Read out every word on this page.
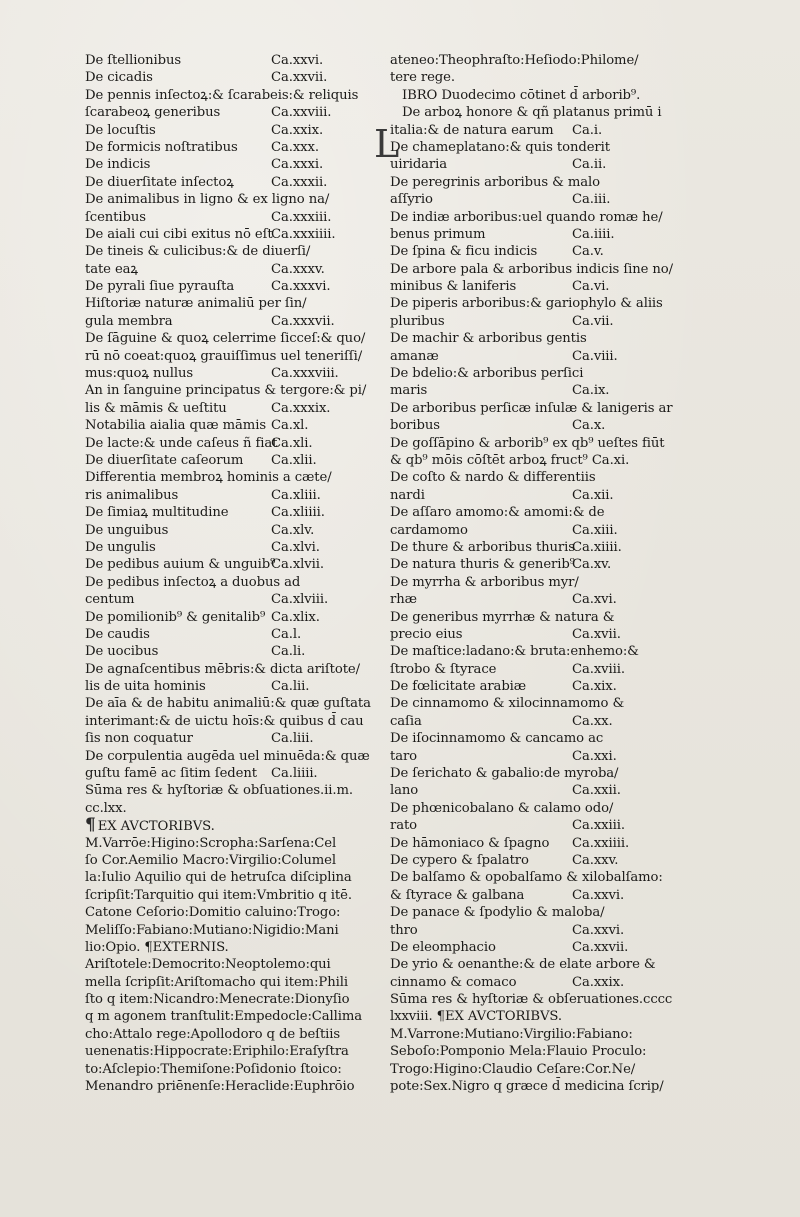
De ſtellionibus	Ca.xxvi.
De cicadis	Ca.xxvii.
De pennis inſectoꝝ:& ſcarabeis:& reliquis
ſcarabeoꝝ generibus	Ca.xxviii.
De locuſtis	Ca.xxix.
De formicis noſtratibus	Ca.xxx.
De indicis	Ca.xxxi.
De diuerſitate inſectoꝝ	Ca.xxxii.
De animalibus in ligno & ex ligno na/
ſcentibus	Ca.xxxiii.
De aiali cui cibi exitus nō eſt
Ca.xxxiiii.
De tineis & culicibus:& de diuerſi/
tate eaꝝ	Ca.xxxv.
De pyrali ſiue pyrauſta	Ca.xxxvi.
Hiſtoriæ naturæ animaliū per ſin/
gula membra	Ca.xxxvii.
De ſāguine & quoꝝ celerrime ſicceſ:& quo/
rū nō coeat:quoꝝ grauiſſimus uel teneriſſi/
mus:quoꝝ nullus	Ca.xxxviii.
An in ſanguine principatus & tergore:& pi/
lis & māmis & ueſtitu	Ca.xxxix.
Notabilia aialia quæ māmis Ca.xl.
De lacte:& unde caſeus ñ fiat
Ca.xli.
De diuerſitate caſeorum Ca.xlii.
Differentia membroꝝ hominis a cæte/
ris animalibus	Ca.xliii.
De ſimiaꝝ multitudine	Ca.xliiii.
De unguibus	Ca.xlv.
De ungulis	Ca.xlvi.
De pedibus auium & unguib⁹
Ca.xlvii.
De pedibus inſectoꝝ a duobus ad
centum	Ca.xlviii.
De pomilionib⁹ & genitalib⁹ Ca.xlix.
De caudis	Ca.l.
De uocibus	Ca.li.
De agnaſcentibus mēbris:& dicta ariſtote/
lis de uita hominis	Ca.lii.
De aīa & de habitu animaliū:& quæ guſtata
interimant:& de uictu hoīs:& quibus d̄ cau
ſis non coquatur	Ca.liii.
De corpulentia augēda uel minuēda:& quæ
guſtu famē ac ſitim ſedent Ca.liiii.
Sūma res & hyſtoriæ & obſuationes.ii.m.
cc.lxx.
¶ EX AVCTORIBVS.
M.Varrōe:Higino:Scropha:Sarſena:Cel
ſo Cor.Aemilio Macro:Virgilio:Columel
la:Iulio Aquilio qui de hetruſca diſciplina
ſcripſit:Tarquitio qui item:Vmbritio q itē.
Catone Ceſorio:Domitio caluino:Trogo:
Meliſſo:Fabiano:Mutiano:Nigidio:Mani
lio:Opio. ¶EXTERNIS.
Ariſtotele:Democrito:Neoptolemo:qui
mella ſcripſit:Ariſtomacho qui item:Phili
ſto q item:Nicandro:Menecrate:Dionyſio
q m agonem tranſtulit:Empedocle:Callima
cho:Attalo rege:Apollodoro q de beſtiis
uenenatis:Hippocrate:Eriphilo:Eraſyſtra
to:Aſclepio:Themiſone:Poſidonio ſtoico:
Menandro priēnenſe:Heraclide:Euphrōio
ateneo:Theophraſto:Heſiodo:Philome/
tere rege.
L
IBRO Duodecimo cōtinet d̄ arborib⁹.
De arboꝝ honore & qñ platanus primū i
italia:& de natura earum Ca.i.
De chameplatano:& quis tonderit
uiridaria	Ca.ii.
De peregrinis arboribus & malo
aſſyrio	Ca.iii.
De indiæ arboribus:uel quando romæ he/
benus primum	Ca.iiii.
De ſpina & ficu indicis	Ca.v.
De arbore pala & arboribus indicis ſine no/
minibus & laniferis	Ca.vi.
De piperis arboribus:& gariophylo & aliis
pluribus	Ca.vii.
De machir & arboribus gentis
amanæ	Ca.viii.
De bdelio:& arboribus perſici
maris	Ca.ix.
De arboribus perſicæ inſulæ & lanigeris ar
boribus	Ca.x.
De goſſāpino & arborib⁹ ex qb⁹ ueſtes fiūt
& qb⁹ mōis cōſtēt arboꝝ fruct⁹ Ca.xi.
De coſto & nardo & differentiis
nardi	Ca.xii.
De aſſaro amomo:& amomi:& de
cardamomo	Ca.xiii.
De thure & arboribus thuris
Ca.xiiii.
De natura thuris & generib⁹
Ca.xv.
De myrrha & arboribus myr/
rhæ	Ca.xvi.
De generibus myrrhæ & natura &
precio eius	Ca.xvii.
De maſtice:ladano:& bruta:enhemo:&
ſtrobo & ſtyrace	Ca.xviii.
De fœlicitate arabiæ	Ca.xix.
De cinnamomo & xilocinnamomo &
caſia	Ca.xx.
De iſocinnamomo & cancamo ac
taro	Ca.xxi.
De ſerichato & gabalio:de myroba/
lano	Ca.xxii.
De phœnicobalano & calamo odo/
rato	Ca.xxiii.
De hāmoniaco & ſpagno Ca.xxiiii.
De cypero & ſpalatro	Ca.xxv.
De balſamo & opobalſamo & xilobalſamo:
& ſtyrace & galbana	Ca.xxvi.
De panace & ſpodylio & maloba/
thro	Ca.xxvi.
De eleomphacio	Ca.xxvii.
De yrio & oenanthe:& de elate arbore &
cinnamo & comaco	Ca.xxix.
Sūma res & hyſtoriæ & obſeruationes.cccc
lxxviii. ¶EX AVCTORIBVS.
M.Varrone:Mutiano:Virgilio:Fabiano:
Seboſo:Pomponio Mela:Flauio Proculo:
Trogo:Higino:Claudio Ceſare:Cor.Ne/
pote:Sex.Nigro q græce d̄ medicina ſcrip/
